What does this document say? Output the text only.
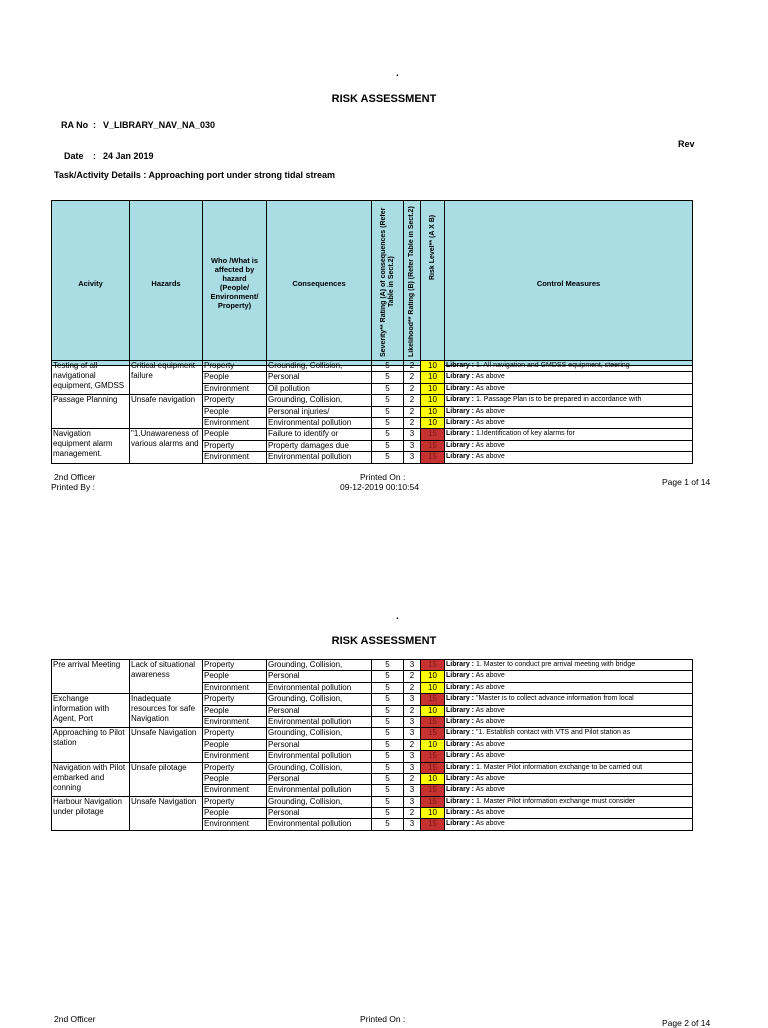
.
RISK ASSESSMENT
RA No : V_LIBRARY_NAV_NA_030
Rev
Date : 24 Jan 2019
Task/Activity Details : Approaching port under strong tidal stream
Acivity	Hazards	Who /What is affected by hazard (People/ Environment/ Property)	Consequences	Severity** Rating (A) of consequences (Refer Table in Sect.2)	Likelihood** Rating (B) (Refer Table in Sect.2)	Risk Level** (A X B)	Control Measures
Testing of all navigational equipment, GMDSS	Critical equipment failure	Property	Grounding, Collision,	5	2	10	Library : 1. All navigation and GMDSS equipment, steering
		People	Personal	5	2	10	Library : As above
		Environment	Oil pollution	5	2	10	Library : As above

Passage Planning	Unsafe navigation	Property	Grounding, Collision,	5	2	10	Library : 1. Passage Plan is to be prepared in accordance with
		People	Personal injuries/	5	2	10	Library : As above
		Environment	Environmental pollution	5	2	10	Library : As above

Navigation equipment alarm management.	"1.Unawareness of various alarms and	People	Failure to identify or	5	3	15	Library : 1.Identification of key alarms for
		Property	Property damages due	5	3	15	Library : As above
		Environment	Environmental pollution	5	3	15	Library : As above
2nd Officer
Printed By :
Printed On :
09-12-2019 00:10:54	Page 1 of 14
.
RISK ASSESSMENT
Pre arrival Meeting	Lack of situational awareness	Property	Grounding, Collision,	5	3	15	Library : 1. Master to conduct pre arrival meeting with bridge
		People	Personal	5	2	10	Library : As above
		Environment	Environmental pollution	5	2	10	Library : As above

Exchange information with Agent, Port	Inadequate resources for safe Navigation	Property	Grounding, Collision,	5	3	15	Library : "Master is to collect advance information from local
		People	Personal	5	2	10	Library : As above
		Environment	Environmental pollution	5	3	15	Library : As above

Approaching to Pilot station	Unsafe Navigation	Property	Grounding, Collision,	5	3	15	Library : "1. Establish contact with VTS and Pilot station as
		People	Personal	5	2	10	Library : As above
		Environment	Environmental pollution	5	3	15	Library : As above

Navigation with Pilot embarked and conning	Unsafe pilotage	Property	Grounding, Collision,	5	3	15	Library : 1. Master Pilot information exchange to be carried out
		People	Personal	5	2	10	Library : As above
		Environment	Environmental pollution	5	3	15	Library : As above

Harbour Navigation under pilotage	Unsafe Navigation	Property	Grounding, Collision,	5	3	15	Library : 1. Master Pilot information exchange must consider
		People	Personal	5	2	10	Library : As above
		Environment	Environmental pollution	5	3	15	Library : As above
2nd Officer	Printed On :	Page 2 of 14
